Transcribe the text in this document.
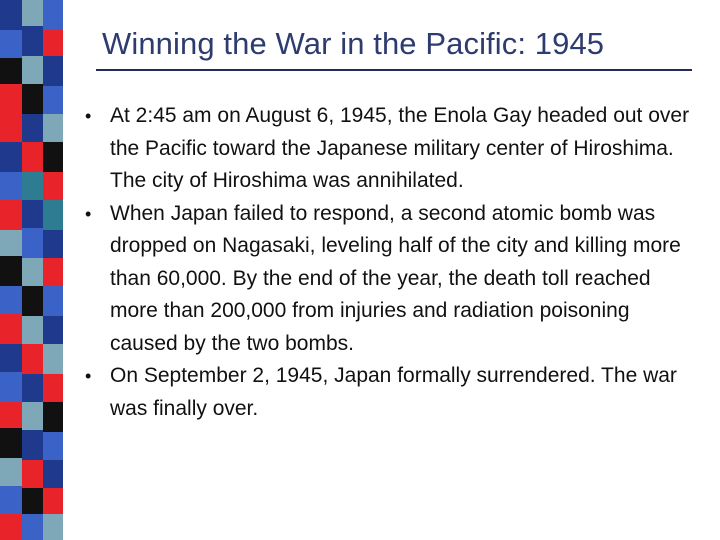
Winning the War in the Pacific: 1945
• At 2:45 am on August 6, 1945, the Enola Gay headed out over the Pacific toward the Japanese military center of Hiroshima. The city of Hiroshima was annihilated.
• When Japan failed to respond, a second atomic bomb was dropped on Nagasaki, leveling half of the city and killing more than 60,000. By the end of the year, the death toll reached more than 200,000 from injuries and radiation poisoning caused by the two bombs.
• On September 2, 1945, Japan formally surrendered. The war was finally over.
